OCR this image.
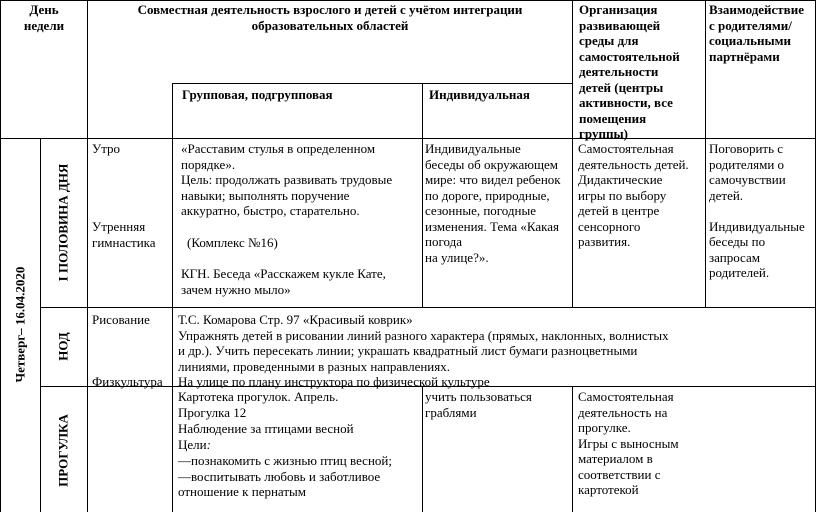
День
недели
Совместная деятельность взрослого и детей с учётом интеграции
образовательных областей
Групповая, подгрупповая	Индивидуальная
Организация
развивающей
среды для
самостоятельной
деятельности
детей (центры
активности, все
помещения
группы)
Взаимодействие
с родителями/
социальными
партнёрами
Четверг– 16.04.2020
I ПОЛОВИНА ДНЯ
НОД
ПРОГУЛКА
Утро
Утренняя
гимнастика
«Расставим стулья в определенном
порядке».
Цель: продолжать развивать трудовые
навыки; выполнять поручение
аккуратно, быстро, старательно.
(Комплекс №16)
КГН. Беседа «Расскажем кукле Кате,
зачем нужно мыло»
Индивидуальные
беседы об окружающем
мире: что видел ребенок
по дороге, природные,
сезонные, погодные
изменения. Тема «Какая
погода
на улице?».
Самостоятельная
деятельность детей.
Дидактические
игры по выбору
детей в центре
сенсорного
развития.
Поговорить с
родителями о
самочувствии
детей.

Индивидуальные
беседы по
запросам
родителей.
Рисование
Физкультура
Т.С. Комарова Стр. 97 «Красивый коврик»
Упражнять детей в рисовании линий разного характера (прямых, наклонных, волнистых
и др.). Учить пересекать линии; украшать квадратный лист бумаги разноцветными
линиями, проведенными в разных направлениях.
На улице по плану инструктора по физической культуре
Картотека прогулок. Апрель.
Прогулка 12
Наблюдение за птицами весной
Цели:
—познакомить с жизнью птиц весной;
—воспитывать любовь и заботливое
отношение к пернатым
учить пользоваться
граблями
Самостоятельная
деятельность на
прогулке.
Игры с выносным
материалом в
соответствии с
картотекой
